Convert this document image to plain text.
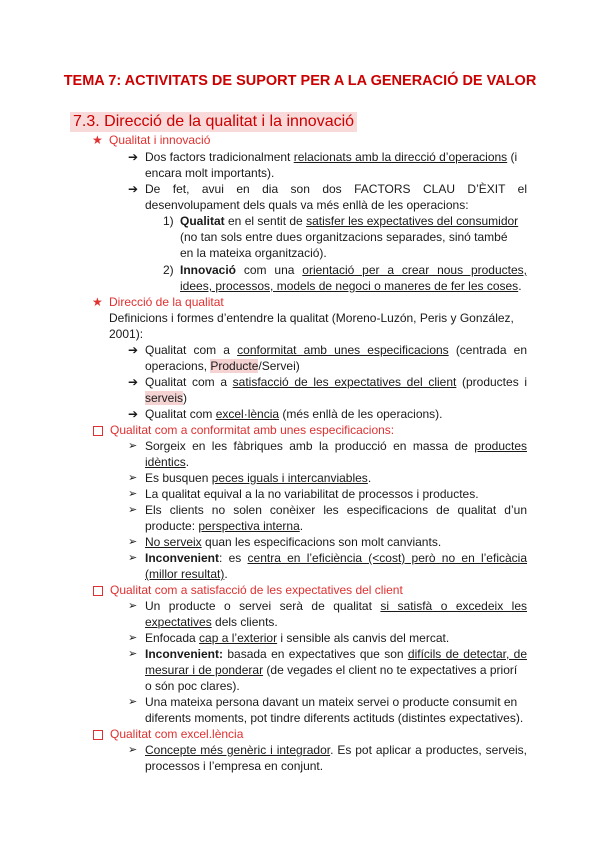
TEMA 7: ACTIVITATS DE SUPORT PER A LA GENERACIÓ DE VALOR
7.3. Direcció de la qualitat i la innovació
★ Qualitat i innovació
➔ Dos factors tradicionalment relacionats amb la direcció d’operacions (i
encara molt importants).
➔ De fet, avui en dia son dos FACTORS CLAU D’ÈXIT el
desenvolupament dels quals va més enllà de les operacions:
1) Qualitat en el sentit de satisfer les expectatives del consumidor
(no tan sols entre dues organitzacions separades, sinó també
en la mateixa organització).
2) Innovació com una orientació per a crear nous productes,
idees, processos, models de negoci o maneres de fer les coses.
★ Direcció de la qualitat
Definicions i formes d’entendre la qualitat (Moreno-Luzón, Peris y González,
2001):
➔ Qualitat com a conformitat amb unes especificacions (centrada en
operacions, Producte/Servei)
➔ Qualitat com a satisfacció de les expectatives del client (productes i
serveis)
➔ Qualitat com excel·lència (més enllà de les operacions).
Qualitat com a conformitat amb unes especificacions:
➢ Sorgeix en les fàbriques amb la producció en massa de productes
idèntics.
➢ Es busquen peces iguals i intercanviables.
➢ La qualitat equival a la no variabilitat de processos i productes.
➢ Els clients no solen conèixer les especificacions de qualitat d’un
producte: perspectiva interna.
➢ No serveix quan les especificacions son molt canviants.
➢ Inconvenient: es centra en l’eficiència (<cost) però no en l’eficàcia
(millor resultat).
Qualitat com a satisfacció de les expectatives del client
➢ Un producte o servei serà de qualitat si satisfà o excedeix les
expectatives dels clients.
➢ Enfocada cap a l’exterior i sensible als canvis del mercat.
➢ Inconvenient: basada en expectatives que son difícils de detectar, de
mesurar i de ponderar (de vegades el client no te expectatives a priorí
o són poc clares).
➢ Una mateixa persona davant un mateix servei o producte consumit en
diferents moments, pot tindre diferents actituds (distintes expectatives).
Qualitat com excel.lència
➢ Concepte més genèric i integrador. Es pot aplicar a productes, serveis,
processos i l’empresa en conjunt.
